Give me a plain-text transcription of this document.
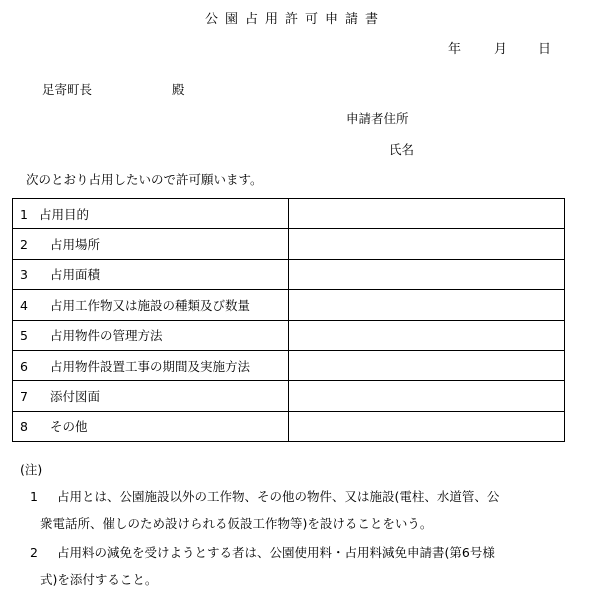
公園占用許可申請書
年	月 日
足寄町長	殿
申請者住所
氏名
次のとおり占用したいので許可願います。
1 占用目的	
2 占用場所	
3 占用面積	
4 占用工作物又は施設の種類及び数量	
5 占用物件の管理方法	
6 占用物件設置工事の期間及実施方法	
7 添付図面	
8 その他	
(注)
1 占用とは、公園施設以外の工作物、その他の物件、又は施設(電柱、水道管、公
衆電話所、催しのため設けられる仮設工作物等)を設けることをいう。
2 占用料の減免を受けようとする者は、公園使用料・占用料減免申請書(第6号様
式)を添付すること。
